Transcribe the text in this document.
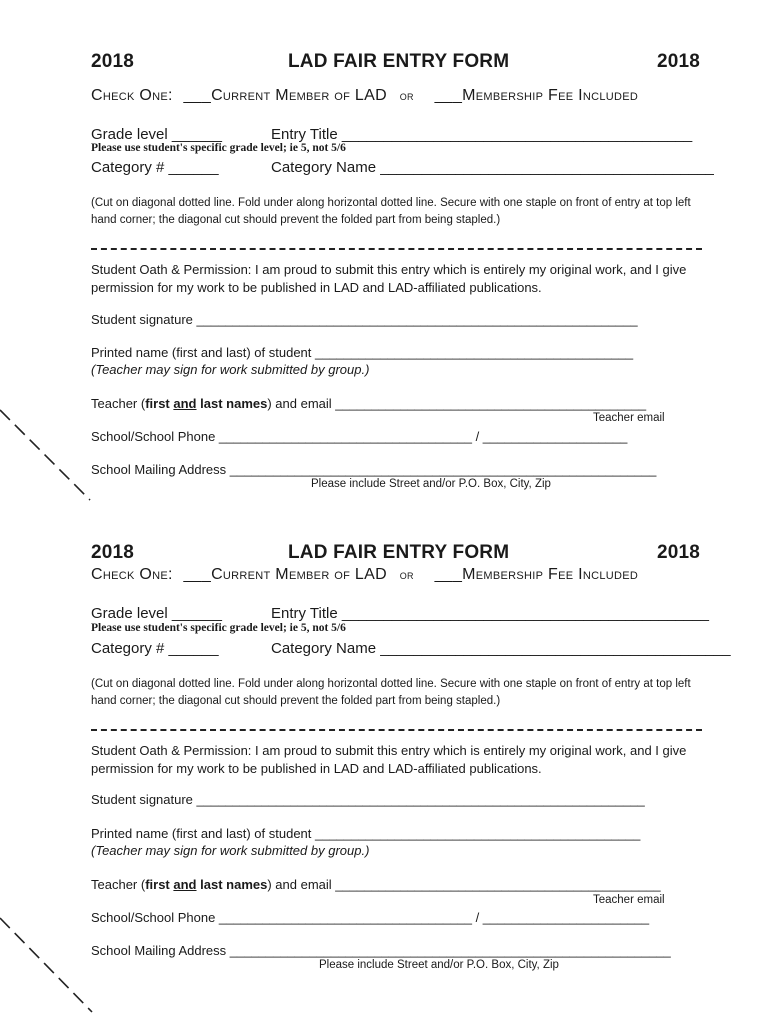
2018	LAD FAIR ENTRY FORM	2018
Check One: ___Current Member of LAD or ___Membership Fee Included
Grade level ______	Entry Title __________________________________________
Please use student's specific grade level; ie 5, not 5/6
Category # ______	Category Name ________________________________________
(Cut on diagonal dotted line. Fold under along horizontal dotted line. Secure with one staple on front of entry at top left hand corner; the diagonal cut should prevent the folded part from being stapled.)
Student Oath & Permission: I am proud to submit this entry which is entirely my original work, and I give permission for my work to be published in LAD and LAD-affiliated publications.
Student signature _____________________________________________________________
Printed name (first and last) of student ____________________________________________
(Teacher may sign for work submitted by group.)
Teacher (first and last names) and email ___________________________________________
Teacher email
School/School Phone ___________________________________ / ____________________
School Mailing Address ___________________________________________________________
Please include Street and/or P.O. Box, City, Zip
2018	LAD FAIR ENTRY FORM	2018
Check One: ___Current Member of LAD or ___Membership Fee Included
Grade level ______	Entry Title ____________________________________________
Please use student's specific grade level; ie 5, not 5/6
Category # ______	Category Name __________________________________________
(Cut on diagonal dotted line. Fold under along horizontal dotted line. Secure with one staple on front of entry at top left hand corner; the diagonal cut should prevent the folded part from being stapled.)
Student Oath & Permission: I am proud to submit this entry which is entirely my original work, and I give permission for my work to be published in LAD and LAD-affiliated publications.
Student signature ______________________________________________________________
Printed name (first and last) of student _____________________________________________
(Teacher may sign for work submitted by group.)
Teacher (first and last names) and email _____________________________________________
Teacher email
School/School Phone ___________________________________ / _______________________
School Mailing Address _____________________________________________________________
Please include Street and/or P.O. Box, City, Zip
